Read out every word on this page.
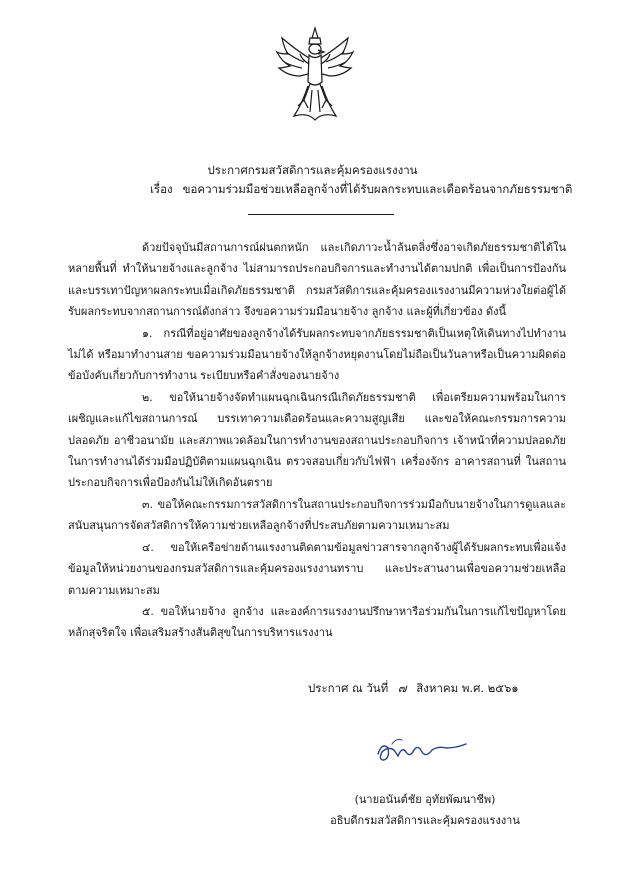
ประกาศกรมสวัสดิการและคุ้มครองแรงงาน
เรื่อง ขอความร่วมมือช่วยเหลือลูกจ้างที่ได้รับผลกระทบและเดือดร้อนจากภัยธรรมชาติ

ด้วยปัจจุบันมีสถานการณ์ฝนตกหนัก และเกิดภาวะน้ำล้นตลิ่งซึ่งอาจเกิดภัยธรรมชาติได้ในหลายพื้นที่ ทำให้นายจ้างและลูกจ้าง ไม่สามารถประกอบกิจการและทำงานได้ตามปกติ เพื่อเป็นการป้องกันและบรรเทาปัญหาผลกระทบเมื่อเกิดภัยธรรมชาติ กรมสวัสดิการและคุ้มครองแรงงานมีความห่วงใยต่อผู้ได้รับผลกระทบจากสถานการณ์ดังกล่าว จึงขอความร่วมมือนายจ้าง ลูกจ้าง และผู้ที่เกี่ยวข้อง ดังนี้

๑. กรณีที่อยู่อาศัยของลูกจ้างได้รับผลกระทบจากภัยธรรมชาติเป็นเหตุให้เดินทางไปทำงานไม่ได้ หรือมาทำงานสาย ขอความร่วมมือนายจ้างให้ลูกจ้างหยุดงานโดยไม่ถือเป็นวันลาหรือเป็นความผิดต่อข้อบังคับเกี่ยวกับการทำงาน ระเบียบหรือคำสั่งของนายจ้าง

๒. ขอให้นายจ้างจัดทำแผนฉุกเฉินกรณีเกิดภัยธรรมชาติ เพื่อเตรียมความพร้อมในการเผชิญและแก้ไขสถานการณ์ บรรเทาความเดือดร้อนและความสูญเสีย และขอให้คณะกรรมการความปลอดภัย อาชีวอนามัย และสภาพแวดล้อมในการทำงานของสถานประกอบกิจการ เจ้าหน้าที่ความปลอดภัยในการทำงานได้ร่วมมือปฏิบัติตามแผนฉุกเฉิน ตรวจสอบเกี่ยวกับไฟฟ้า เครื่องจักร อาคารสถานที่ ในสถานประกอบกิจการเพื่อป้องกันไม่ให้เกิดอันตราย

๓. ขอให้คณะกรรมการสวัสดิการในสถานประกอบกิจการร่วมมือกับนายจ้างในการดูแลและสนับสนุนการจัดสวัสดิการให้ความช่วยเหลือลูกจ้างที่ประสบภัยตามความเหมาะสม

๔. ขอให้เครือข่ายด้านแรงงานติดตามข้อมูลข่าวสารจากลูกจ้างผู้ได้รับผลกระทบเพื่อแจ้งข้อมูลให้หน่วยงานของกรมสวัสดิการและคุ้มครองแรงงานทราบ และประสานงานเพื่อขอความช่วยเหลือตามความเหมาะสม

๕. ขอให้นายจ้าง ลูกจ้าง และองค์การแรงงานปรึกษาหารือร่วมกันในการแก้ไขปัญหาโดยหลักสุจริตใจ เพื่อเสริมสร้างสันติสุขในการบริหารแรงงาน

ประกาศ ณ วันที่ ๗ สิงหาคม พ.ศ. ๒๕๖๑
(นายอนันต์ชัย อุทัยพัฒนาชีพ)
อธิบดีกรมสวัสดิการและคุ้มครองแรงงาน
